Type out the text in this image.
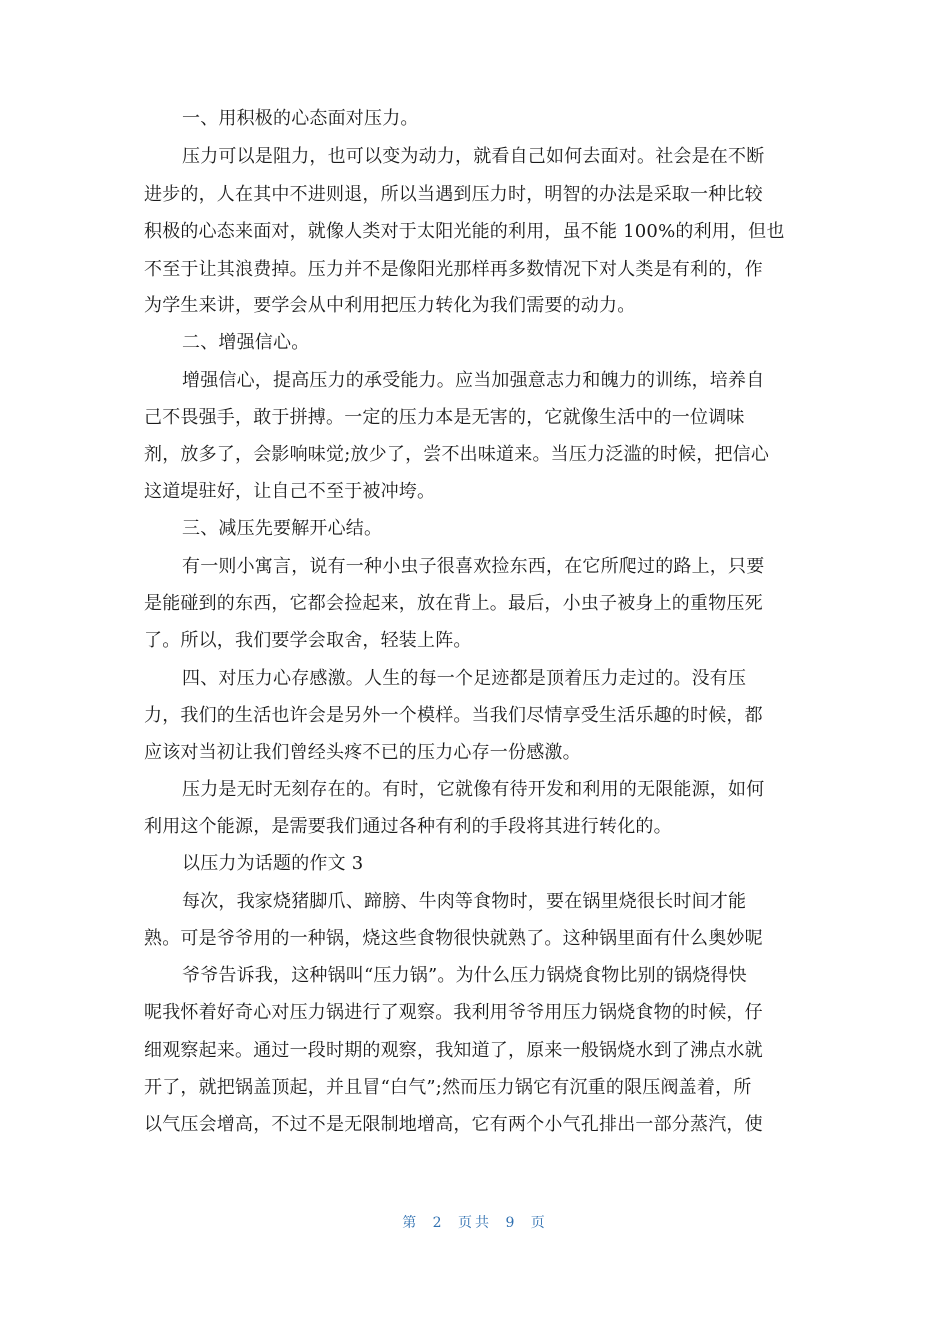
一、用积极的心态面对压力。
压力可以是阻力，也可以变为动力，就看自己如何去面对。社会是在不断
进步的，人在其中不进则退，所以当遇到压力时，明智的办法是采取一种比较
积极的心态来面对，就像人类对于太阳光能的利用，虽不能 100%的利用，但也
不至于让其浪费掉。压力并不是像阳光那样再多数情况下对人类是有利的，作
为学生来讲，要学会从中利用把压力转化为我们需要的动力。
二、增强信心。
增强信心，提高压力的承受能力。应当加强意志力和魄力的训练，培养自
己不畏强手，敢于拼搏。一定的压力本是无害的，它就像生活中的一位调味
剂，放多了，会影响味觉;放少了，尝不出味道来。当压力泛滥的时候，把信心
这道堤驻好，让自己不至于被冲垮。
三、减压先要解开心结。
有一则小寓言，说有一种小虫子很喜欢捡东西，在它所爬过的路上，只要
是能碰到的东西，它都会捡起来，放在背上。最后，小虫子被身上的重物压死
了。所以，我们要学会取舍，轻装上阵。
四、对压力心存感激。人生的每一个足迹都是顶着压力走过的。没有压
力，我们的生活也许会是另外一个模样。当我们尽情享受生活乐趣的时候，都
应该对当初让我们曾经头疼不已的压力心存一份感激。
压力是无时无刻存在的。有时，它就像有待开发和利用的无限能源，如何
利用这个能源，是需要我们通过各种有利的手段将其进行转化的。
以压力为话题的作文 3
每次，我家烧猪脚爪、蹄膀、牛肉等食物时，要在锅里烧很长时间才能
熟。可是爷爷用的一种锅，烧这些食物很快就熟了。这种锅里面有什么奥妙呢
爷爷告诉我，这种锅叫“压力锅”。为什么压力锅烧食物比别的锅烧得快
呢我怀着好奇心对压力锅进行了观察。我利用爷爷用压力锅烧食物的时候，仔
细观察起来。通过一段时期的观察，我知道了，原来一般锅烧水到了沸点水就
开了，就把锅盖顶起，并且冒“白气”;然而压力锅它有沉重的限压阀盖着，所
以气压会增高，不过不是无限制地增高，它有两个小气孔排出一部分蒸汽，使
第 2 页共 9 页
